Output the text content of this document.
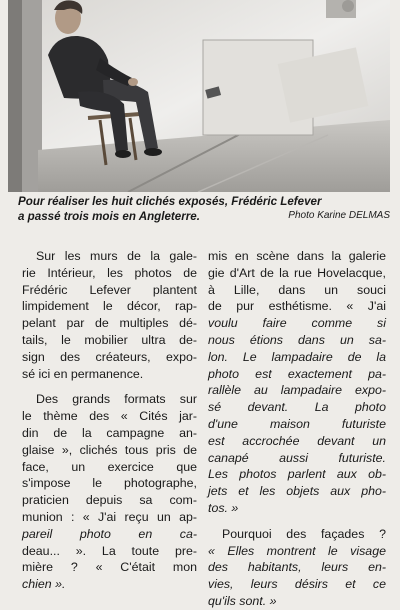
Pour réaliser les huit clichés exposés, Frédéric Lefever
a passé trois mois en Angleterre.	Photo Karine DELMAS

Sur les murs de la gale-
rie Intérieur, les photos de
Frédéric Lefever plantent
limpidement le décor, rap-
pelant par de multiples dé-
tails, le mobilier ultra de-
sign des créateurs, expo-
sé ici en permanence.

Des grands formats sur
le thème des « Cités jar-
din de la campagne an-
glaise », clichés tous pris de
face, un exercice que
s'impose le photographe,
praticien depuis sa com-
munion : « J'ai reçu un ap-
pareil photo en ca-
deau... ». La toute pre-
mière ? « C'était mon
chien ».

mis en scène dans la galerie
gie d'Art de la rue Hovelacque,
à Lille, dans un souci
de pur esthétisme. « J'ai
voulu faire comme si
nous étions dans un sa-
lon. Le lampadaire de la
photo est exactement pa-
rallèle au lampadaire expo-
sé devant. La photo
d'une maison futuriste
est accrochée devant un
canapé aussi futuriste.
Les photos parlent aux ob-
jets et les objets aux pho-
tos. »

Pourquoi des façades ?
« Elles montrent le visage
des habitants, leurs en-
vies, leurs désirs et ce
qu'ils sont. »
